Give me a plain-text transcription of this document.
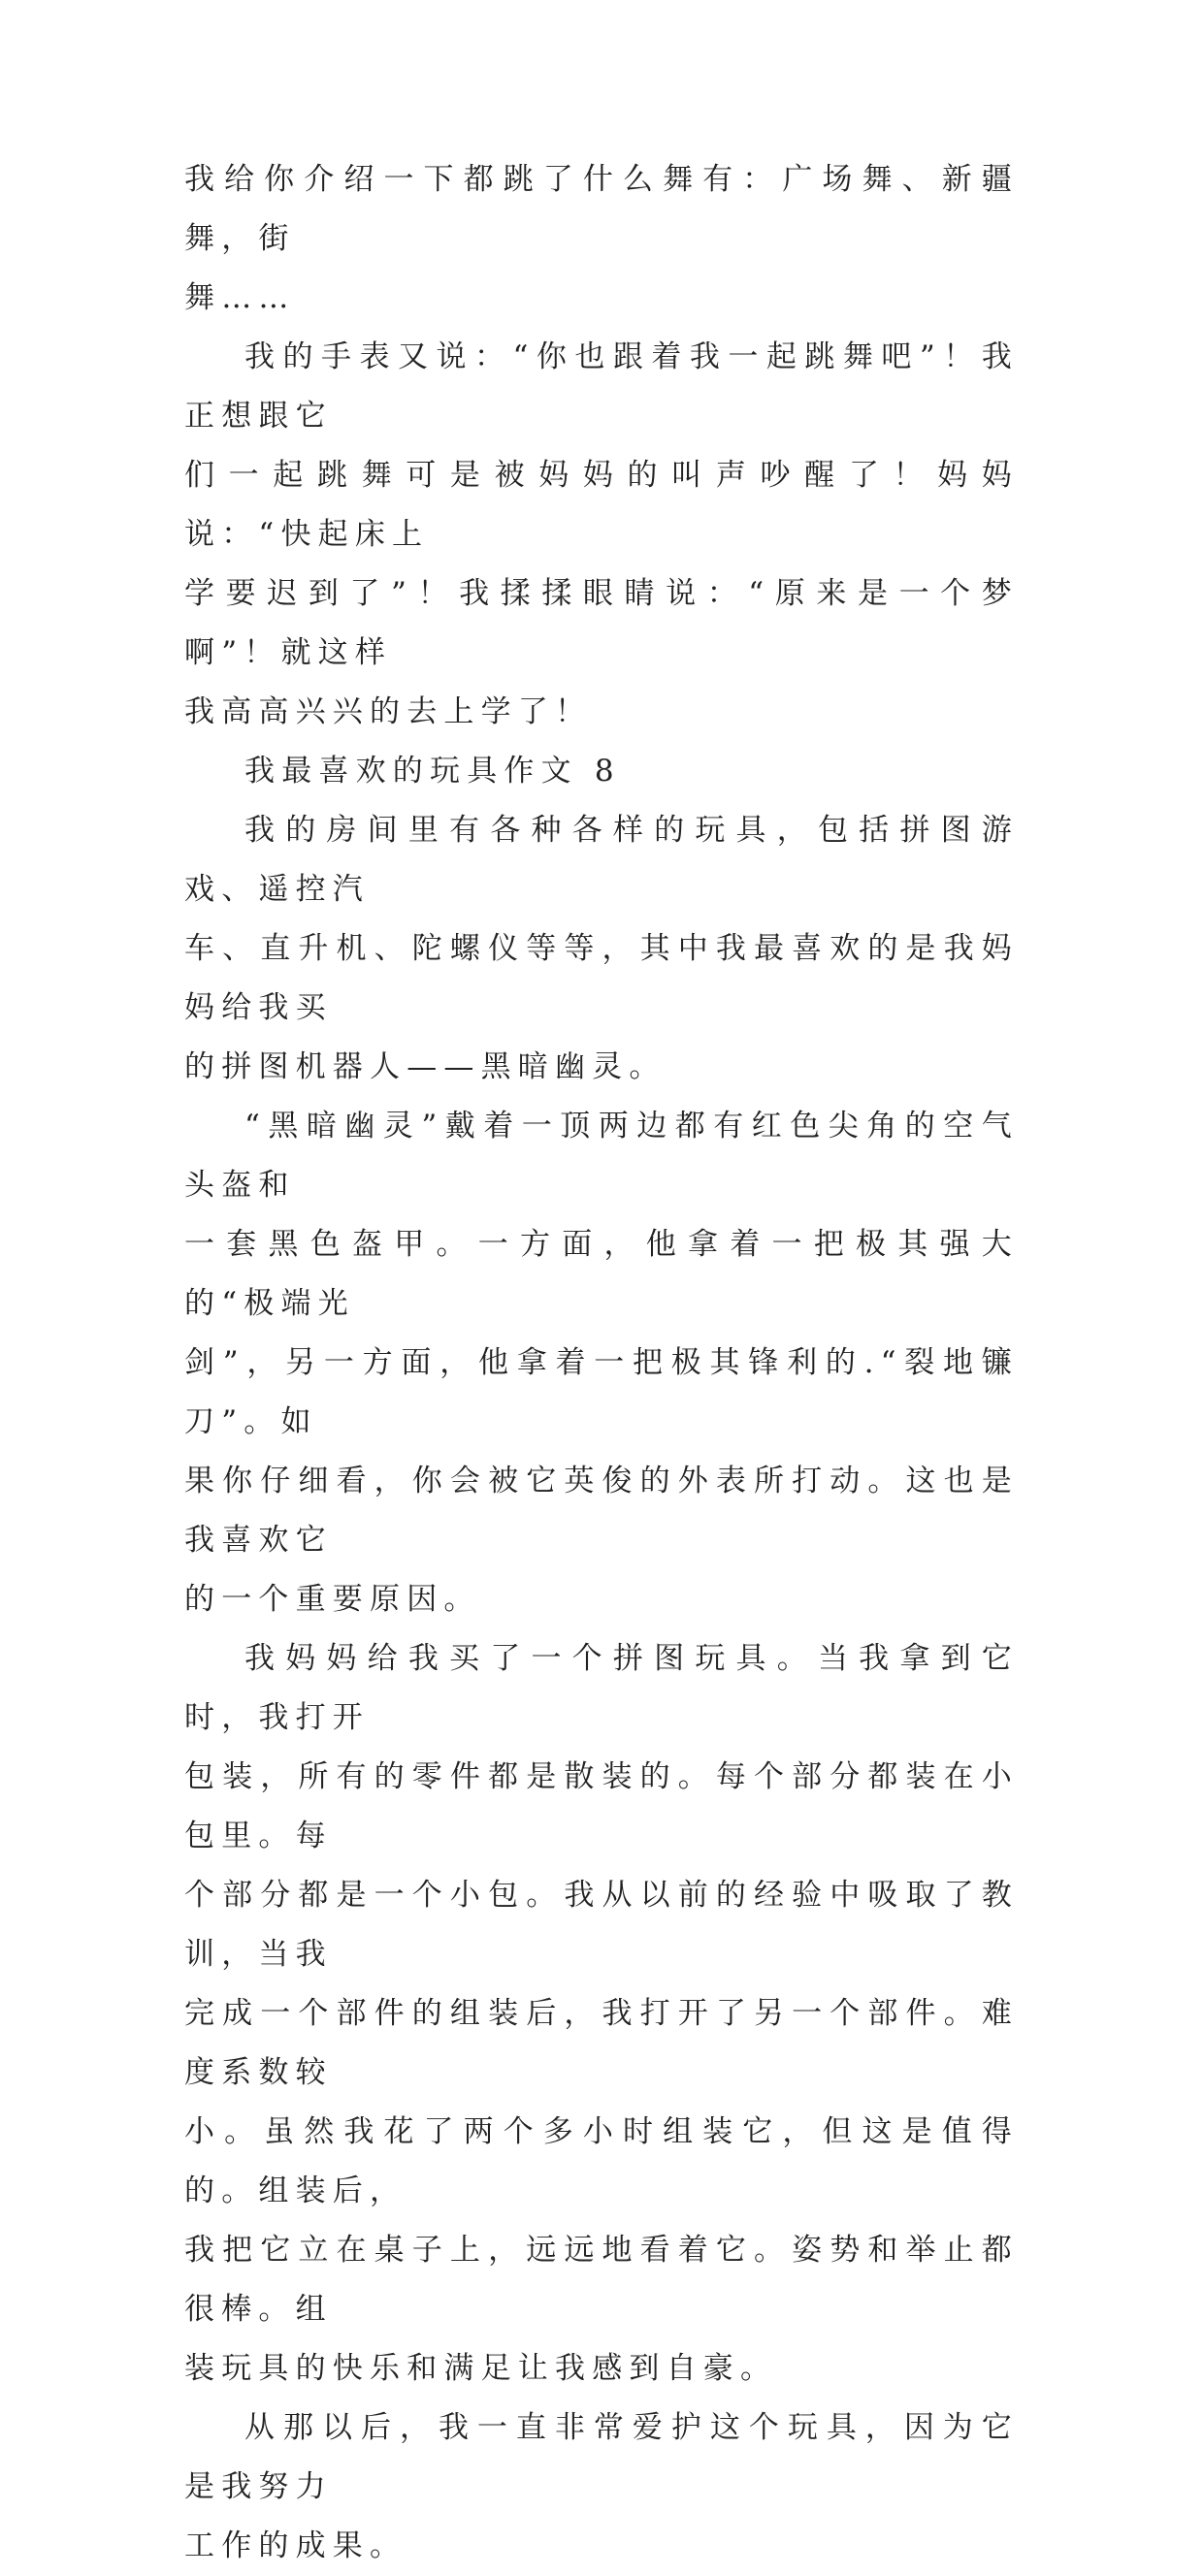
我给你介绍一下都跳了什么舞有：广场舞、新疆舞，街
舞……

我的手表又说：“你也跟着我一起跳舞吧”！我正想跟它
们一起跳舞可是被妈妈的叫声吵醒了！妈妈说：“快起床上
学要迟到了”！我揉揉眼睛说：“原来是一个梦啊”！就这样
我高高兴兴的去上学了！

我最喜欢的玩具作文 8

我的房间里有各种各样的玩具，包括拼图游戏、遥控汽
车、直升机、陀螺仪等等，其中我最喜欢的是我妈妈给我买
的拼图机器人——黑暗幽灵。

“黑暗幽灵”戴着一顶两边都有红色尖角的空气头盔和
一套黑色盔甲。一方面，他拿着一把极其强大的“极端光
剑”，另一方面，他拿着一把极其锋利的.“裂地镰刀”。如
果你仔细看，你会被它英俊的外表所打动。这也是我喜欢它
的一个重要原因。

我妈妈给我买了一个拼图玩具。当我拿到它时，我打开
包装，所有的零件都是散装的。每个部分都装在小包里。每
个部分都是一个小包。我从以前的经验中吸取了教训，当我
完成一个部件的组装后，我打开了另一个部件。难度系数较
小。虽然我花了两个多小时组装它，但这是值得的。组装后，
我把它立在桌子上，远远地看着它。姿势和举止都很棒。组
装玩具的快乐和满足让我感到自豪。

从那以后，我一直非常爱护这个玩具，因为它是我努力
工作的成果。
